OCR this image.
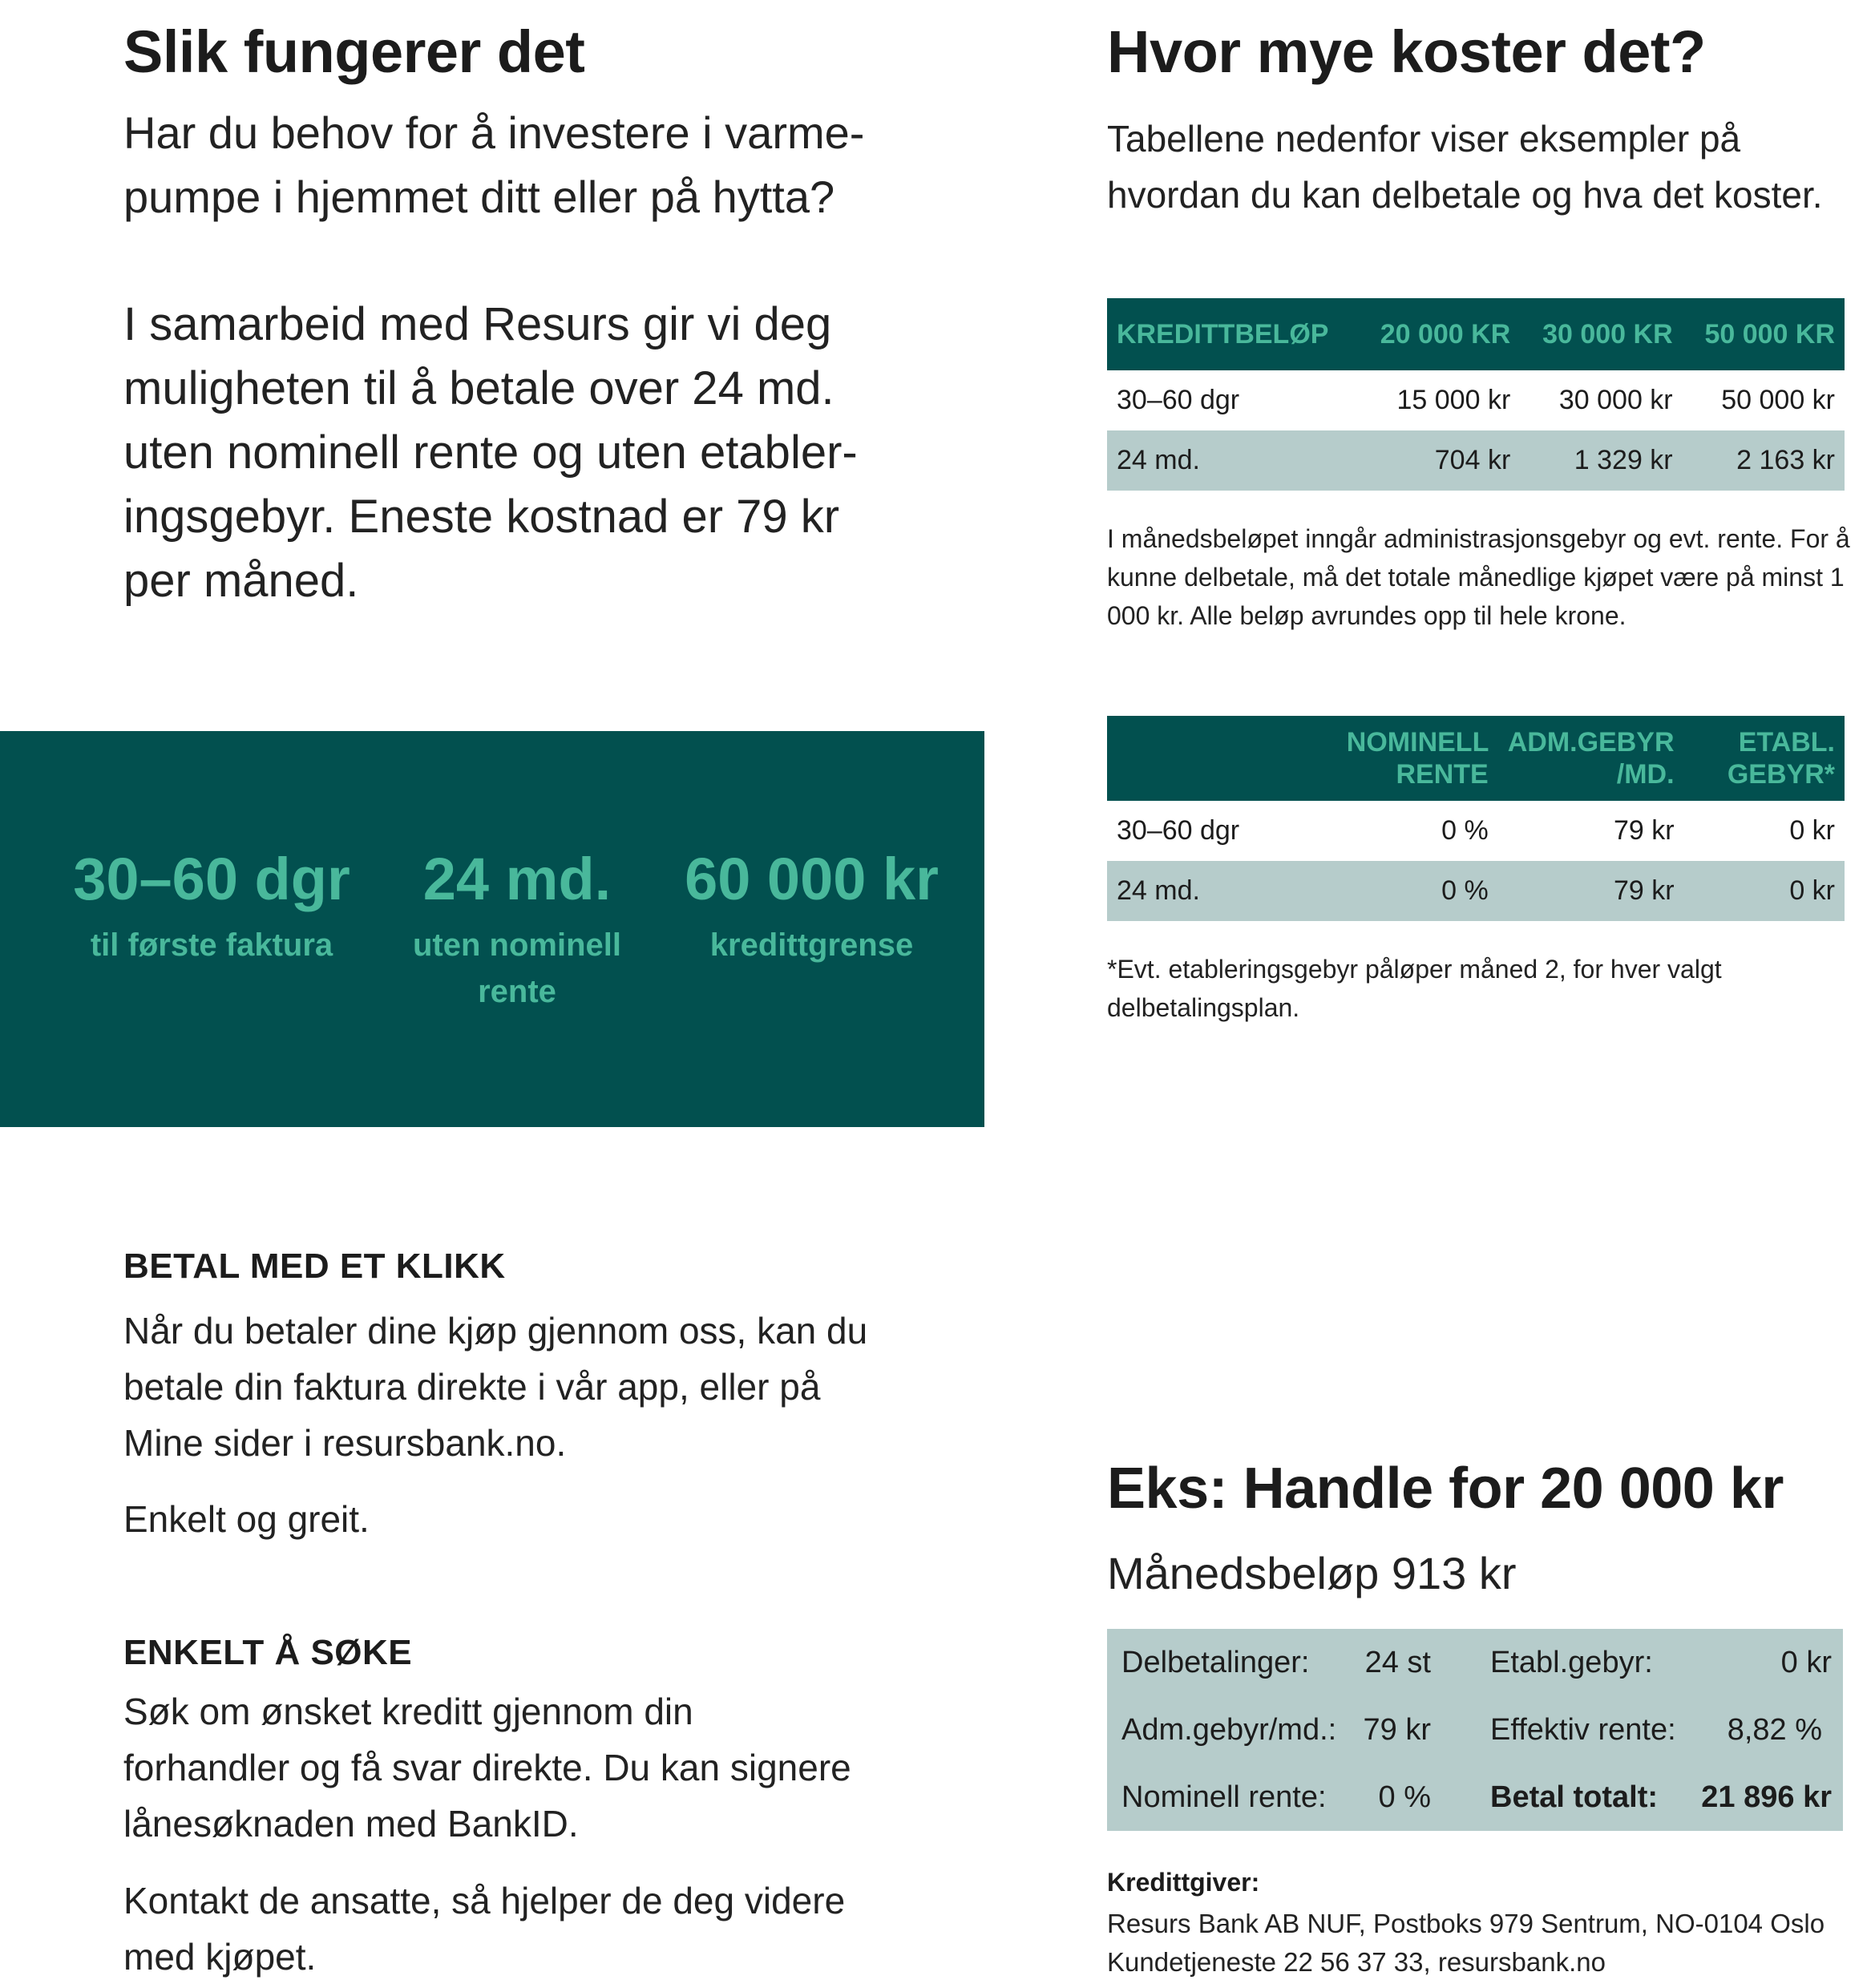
Slik fungerer det

Har du behov for å investere i varme-pumpe i hjemmet ditt eller på hytta?

I samarbeid med Resurs gir vi deg muligheten til å betale over 24 md. uten nominell rente og uten etabler-ingsgebyr. Eneste kostnad er 79 kr per måned.

30–60 dgr
til første faktura
24 md.
uten nominell rente
60 000 kr
kredittgrense
BETAL MED ET KLIKK

Når du betaler dine kjøp gjennom oss, kan du betale din faktura direkte i vår app, eller på Mine sider i resursbank.no.

Enkelt og greit.

ENKELT Å SØKE

Søk om ønsket kreditt gjennom din forhandler og få svar direkte. Du kan signere lånesøknaden med BankID.

Kontakt de ansatte, så hjelper de deg videre med kjøpet.

Hvor mye koster det?

Tabellene nedenfor viser eksempler på hvordan du kan delbetale og hva det koster.

KREDITTBELØP	20 000 KR	30 000 KR	50 000 KR
30–60 dgr	15 000 kr	30 000 kr	50 000 kr
24 md.	704 kr	1 329 kr	2 163 kr

I månedsbeløpet inngår administrasjonsgebyr og evt. rente. For å kunne delbetale, må det totale månedlige kjøpet være på minst 1 000 kr. Alle beløp avrundes opp til hele krone.

	NOMINELL RENTE	ADM.GEBYR /MD.	ETABL. GEBYR*
30–60 dgr	0 %	79 kr	0 kr
24 md.	0 %	79 kr	0 kr

*Evt. etableringsgebyr påløper måned 2, for hver valgt delbetalingsplan.

Eks: Handle for 20 000 kr
Månedsbeløp 913 kr
Delbetalinger: 24 st Etabl.gebyr:	0 kr
Adm.gebyr/md.: 79 kr Effektiv rente: 8,82 %
Nominell rente: 0 % Betal totalt: 21 896 kr
Kredittgiver:
Resurs Bank AB NUF, Postboks 979 Sentrum, NO-0104 Oslo
Kundetjeneste 22 56 37 33, resursbank.no
